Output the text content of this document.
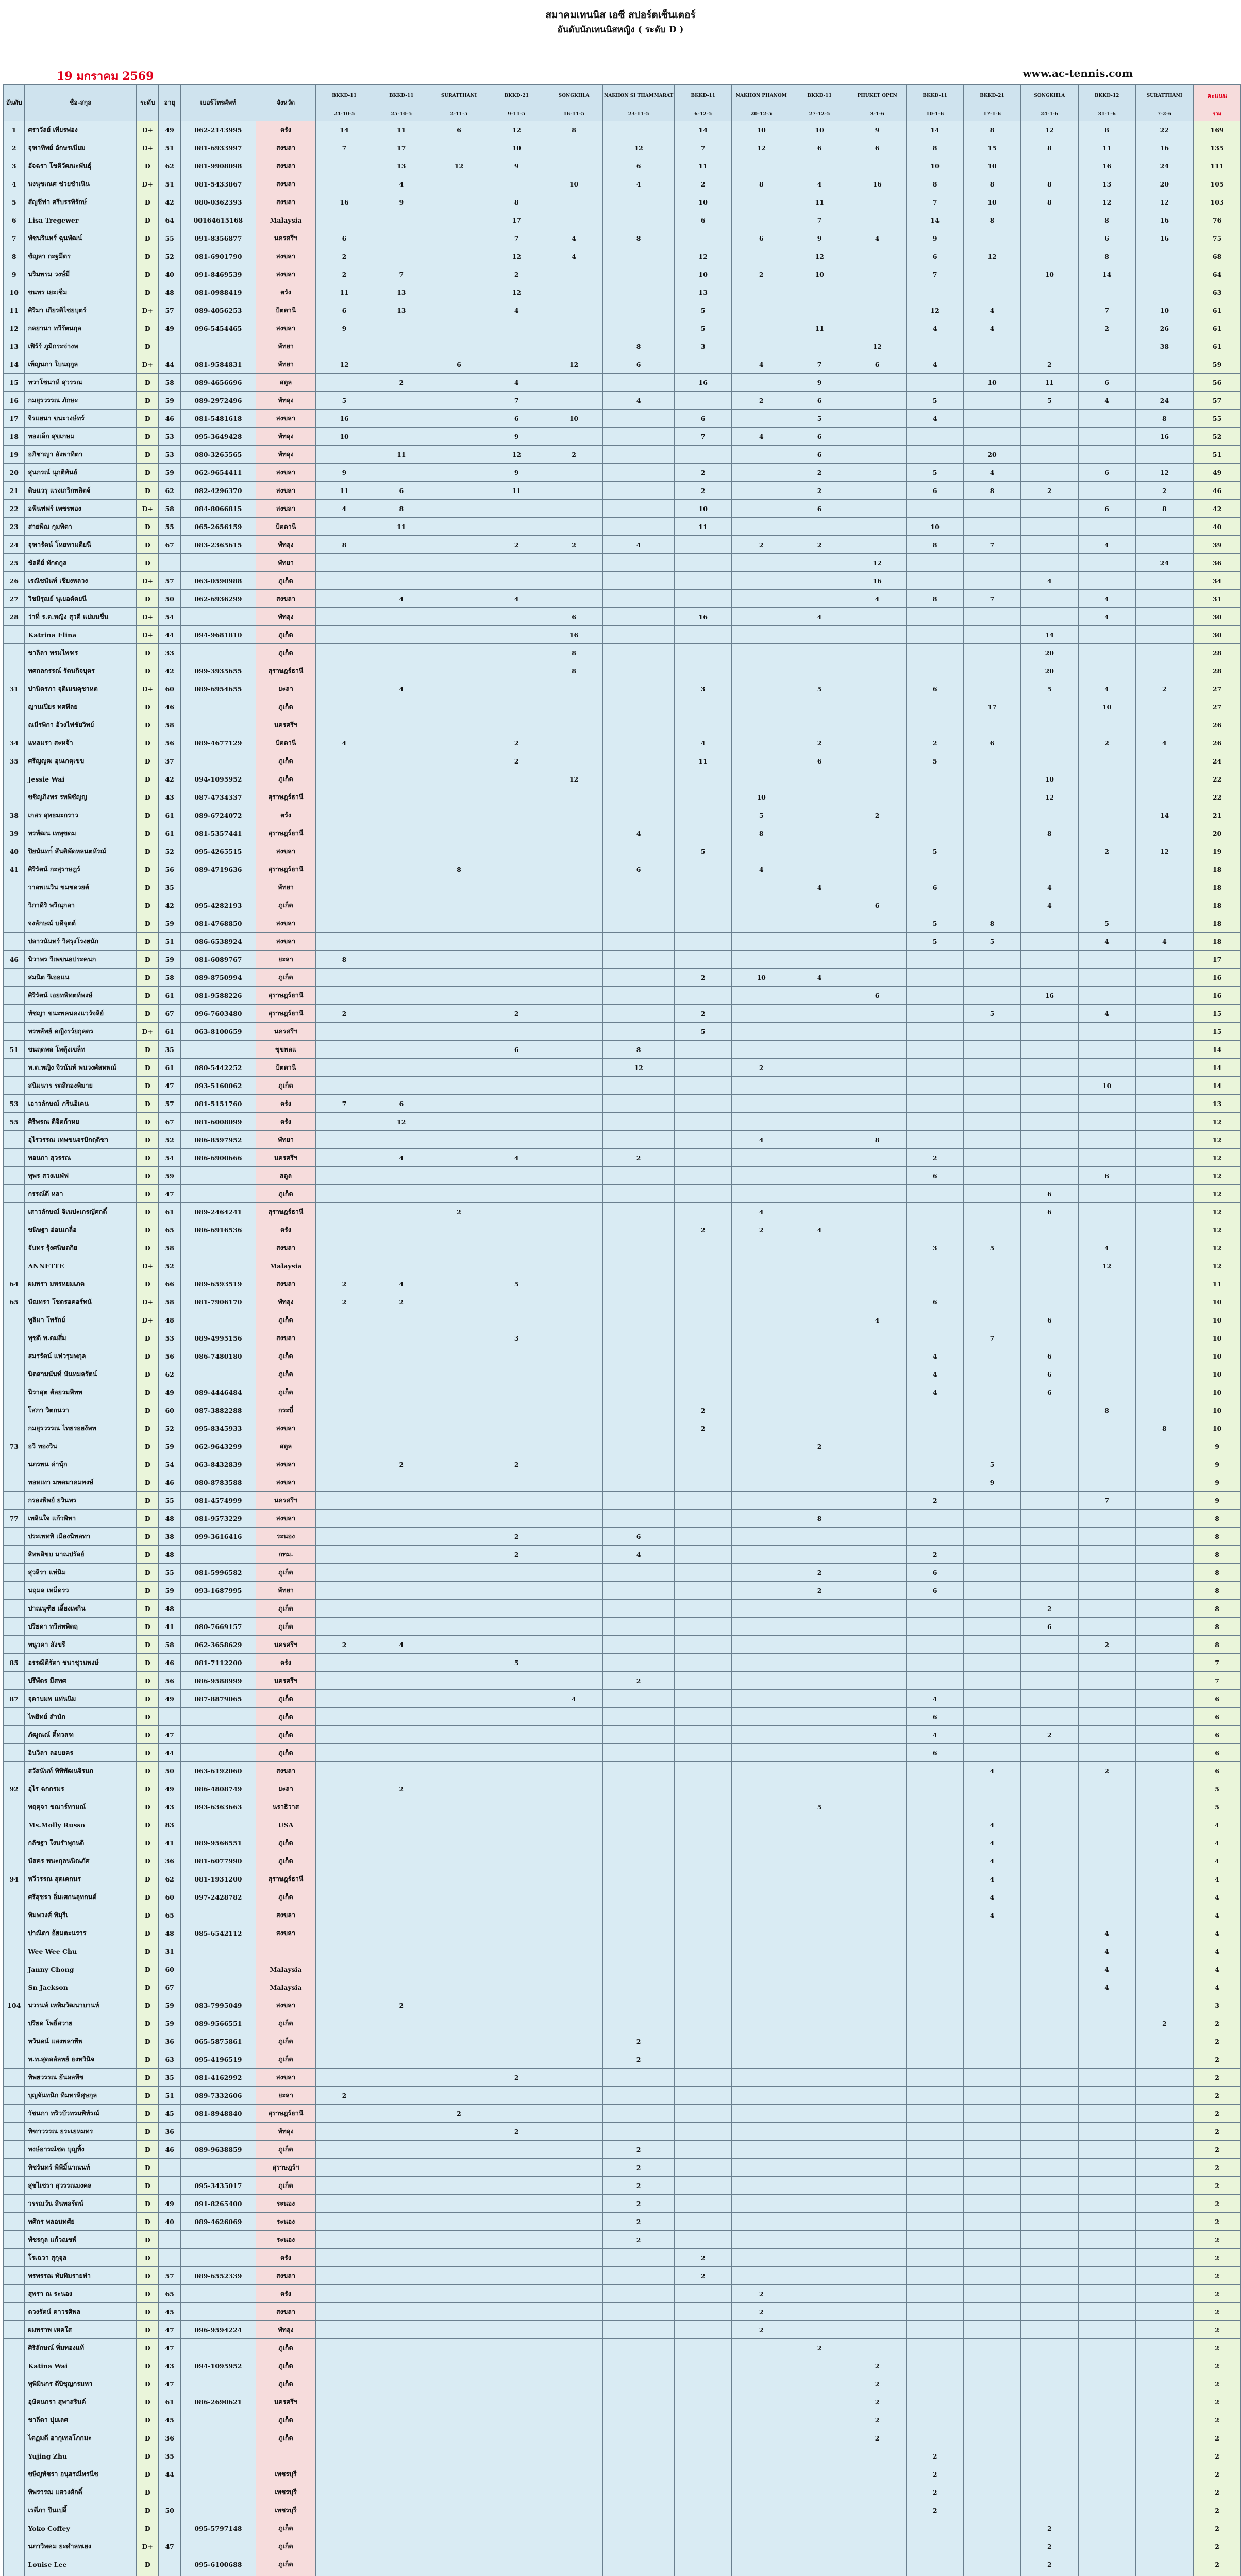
สมาคมเทนนิส เอซี สปอร์ตเซ็นเตอร์
อันดับนักเทนนิสหญิง ( ระดับ D )
19 มกราคม 2569	www.ac-tennis.com
อันดับ	ชื่อ-สกุล	ระดับ	อายุ	เบอร์โทรศัพท์	จังหวัด	BKKD-11	BKKD-11	SURATTHANI	BKKD-21	SONGKHLA	NAKHON SI THAMMARAT	BKKD-11	NAKHON PHANOM	BKKD-11	PHUKET OPEN	BKKD-11	BKKD-21	SONGKHLA	BKKD-12	SURATTHANI	คะแนน
						24-10-5	25-10-5	2-11-5	9-11-5	16-11-5	23-11-5	6-12-5	20-12-5	27-12-5	3-1-6	10-1-6	17-1-6	24-1-6	31-1-6	7-2-6	รวม
1	ศราวัลย์ เพียรพ่อง	D+	49	062-2143995	ตรัง	14	11	6	12	8		14	10	10	9	14	8	12	8	22	169
2	จุฑาทิพย์ อักษรเนียม	D+	51	081-6933997	สงขลา	7	17		10		12	7	12	6	6	8	15	8	11	16	135
3	อัจฉรา โชติวัฒนะพันธุ์	D	62	081-9908098	สงขลา		13	12	9		6	11				10	10		16	24	111
4	นงนุชเณศ ช่วยชำเนิน	D+	51	081-5433867	สงขลา		4			10	4	2	8	4	16	8	8	8	13	20	105
5	สัญชีฟา ศรีบรรพิรักษ์	D	42	080-0362393	สงขลา	16	9		8			10		11		7	10	8	12	12	103
6	Lisa Tregewer	D	64	00164615168	Malaysia				17			6		7		14	8		8	16	76
7	พัชนรินทร์ ฉุนพัฒน์	D	55	091-8356877	นครศรีฯ	6			7	4	8		6	9	4	9			6	16	75
8	ขัญลา กะฐมีตร	D	52	081-6901790	สงขลา	2			12	4		12		12		6	12		8		68
9	นริมพรม วงษ์มี	D	40	091-8469539	สงขลา	2	7		2			10	2	10		7		10	14		64
10	ขนพร เยะเซ็ม	D	48	081-0988419	ตรัง	11	13		12			13									63
11	ศิริมา เกียรติไชยบุตร์	D+	57	089-4056253	ปัตตานี	6	13		4			5				12	4		7	10	61
12	กลยานา ทวีรัตนกุล	D	49	096-5454465	สงขลา	9						5		11		4	4		2	26	61
13	เฟิร์ร์ ภูมิกระจ่างพ	D			พัทยา						8	3			12					38	61
14	เพ็ญนภา ใบนฤกูล	D+	44	081-9584831	พัทยา	12		6		12	6		4	7	6	4		2			59
15	ทวาโชนาห์ สุวรรณ	D	58	089-4656696	สตูล		2		4			16		9			10	11	6		56
16	กมยุรวรรณ ภักษะ	D	59	089-2972496	พัทลุง	5			7		4		2	6		5		5	4	24	57
17	จิรแยนา ขนะวงษ์ทร์	D	46	081-5481618	สงขลา	16			6	10		6		5		4				8	55
18	ทองเล็ก สุขเกษม	D	53	095-3649428	พัทลุง	10			9			7	4	6						16	52
19	อภิชาญา อังพาทิตา	D	53	080-3265565	พัทลุง		11		12	2				6			20				51
20	สุนภรณ์ นุกติพันธ์	D	59	062-9654411	สงขลา	9			9			2		2		5	4		6	12	49
21	ดิษแวรุ แรงเกริกพลิตจ์	D	62	082-4296370	สงขลา	11	6		11			2		2		6	8	2		2	46
22	อฟันฟฟร์ เพชรทอง	D+	58	084-8066815	สงขลา	4	8					10		6					6	8	42
23	สายพิณ กุมพิตา	D	55	065-2656159	ปัตตานี		11					11				10					40
24	จุฑารัตน์ โหยทามติยนี	D	67	083-2365615	พัทลุง	8			2	2	4		2	2		8	7		4		39
25	ชัลตีย์ ทักดกูล	D			พัทยา										12					24	36
26	เรณิชนันท์ เชียงหลวง	D+	57	063-0590988	ภูเก็ต										16			4			34
27	วิชมิรุณย์ นุเยอตัดยนี	D	50	062-6936299	สงขลา		4		4						4	8	7		4		31
28	ว่าที่ ร.ต.หญิง สุวดี แย่มนชื่น	D+	54		พัทลุง					6		16		4					4		30
	Katrina Elina	D+	44	094-9681810	ภูเก็ต					16								14			30
	ชาลิลา พรมไพฑร	D	33		ภูเก็ต					8								20			28
	ทศกลกรรณ์ รัตนกิจบุตร	D	42	099-3935655	สุราษฎร์ธานี					8								20			28
31	ปานิดรภา จุติเมฆคุชาหต	D+	60	089-6954655	ยะลา		4					3		5		6		5	4	2	27
	ญานเปียร ทศพึลย	D	46		ภูเก็ต												17		10		27
	ณมีรพิกา อ้วงไฟชัยวิทย์	D	58		นครศรีฯ																26
34	แหลมรา สะหจ้า	D	56	089-4677129	ปัตตานี	4			2			4		2		2	6		2	4	26
35	ศรีญญฒ อุนเกตุเขข	D	37		ภูเก็ต				2			11		6		5					24
	Jessie Wai	D	42	094-1095952	ภูเก็ต					12								10			22
	ขชิญภิงพร รทพิชัญญ	D	43	087-4734337	สุราษฎร์ธานี								10					12			22
38	เกสร สุทธมะกราว	D	61	089-6724072	ตรัง								5		2					14	21
39	พรพัฒน เทพุขดม	D	61	081-5357441	สุราษฎร์ธานี						4		8					8			20
40	ปิยนันทา์ สันติพัดหลนตหัรณ์	D	52	095-4265515	สงขลา							5				5			2	12	19
41	ศิริรัตน์ กะสุราษฎร์	D	56	089-4719636	สุราษฎร์ธานี			8			6		4								18
	วาลพเนวิน ขมชดวยต์	D	35		พัทยา									4		6		4			18
	วิภาดีริ พวีณุกลา	D	42	095-4282193	ภูเก็ต										6			4			18
	จงลักษณ์ บดีจุตต์	D	59	081-4768850	สงขลา											5	8		5		18
	ปลาวนันทร์ วิศรุงโรงยนัก	D	51	086-6538924	สงขลา											5	5		4	4	18
46	นิวาพร วีเพขนอประคนก	D	59	081-6089767	ยะลา	8															17
	สมนิต วีเออแน	D	58	089-8750994	ภูเก็ต							2	10	4							16
	ศิริรัตน์ เอยทพิทตท์พงษ์	D	61	081-9588226	สุราษฎร์ธานี										6			16			16
	ทัชญา ขนะพคนคงแววัจลิย์	D	67	096-7603480	สุราษฎร์ธานี	2			2			2					5		4		15
	พรหลัพย์ ดญีงรว์ยกุลตร	D+	61	063-8100659	นครศรีฯ							5									15
51	ขนฤดพล โพตุ้งเขล็ท	D	35		ขุขพลแ				6		8										14
	พ.ต.หญิง จิรนันท์ พนวงศ์สหพณ์	D	61	080-5442252	ปัตตานี						12		2								14
	สนิมนาร รตสีกองพิมาย	D	47	093-5160062	ภูเก็ต														10		14
53	เอาวลักษณ์ ภรีนอิเคน	D	57	081-5151760	ตรัง	7	6														13
55	ศิริพรณ ดิจิตก้าหย	D	67	081-6008099	ตรัง		12														12
	อุไรวรรณ เทพขนจรบิกฤดิชา	D	52	086-8597952	พัทยา								4		8						12
	ทอนกา สุวรรณ	D	54	086-6900666	นครศรีฯ		4		4		2					2					12
	ทุพร สวงเนฬฟ	D	59		สตูล											6			6		12
	กรรณ์ดี หลา	D	47		ภูเก็ต													6			12
	เสาวลักษณ์ จิเนปะเกรญัศกดิ์	D	61	089-2464241	สุราษฎร์ธานี			2					4					6			12
	ขนิษฐา อ่อนเกลื่อ	D	65	086-6916536	ตรัง							2	2	4							12
	จันทร รุ้งศนิษตกิย	D	58		สงขลา											3	5		4		12
	ANNETTE	D+	52		Malaysia														12		12
64	ผมพรา มหรหยมเภต	D	66	089-6593519	สงขลา	2	4		5												11
65	นัณทรา โชตรอคอร์ทนั	D+	58	081-7906170	พัทลุง	2	2									6					10
	พูลิมา โพรักย์	D+	48		ภูเก็ต										4			6			10
	พุชดิ พ.ตมสี่ม	D	53	089-4995156	สงขลา				3								7				10
	สมรรัตน์ แท่วรุมพกุล	D	56	086-7480180	ภูเก็ต											4		6			10
	นิตสามนันท์ นันทมลรัตน์	D	62		ภูเก็ต											4		6			10
	นิราสุต ตัลยวมพิทท	D	49	089-4446484	ภูเก็ต											4		6			10
	โสภา วิตกนวา	D	60	087-3882288	กระบี่							2							8		10
	กมยุรวรรณ ไทยรอยงัพท	D	52	095-8345933	สงขลา							2								8	10
73	อวี ทองวิน	D	59	062-9643299	สตูล									2							9
	นภรพน ค่านุ้ก	D	54	063-8432839	สงขลา		2		2								5				9
	ทอหเทา มหดมาคมพงษ์	D	46	080-8783588	สงขลา												9				9
	กรองพิพย์ ยวินพร	D	55	081-4574999	นครศรีฯ											2			7		9
77	เพลินใจ แก้วพิทา	D	48	081-9573229	สงขลา									8							8
	ประเพทพิ เมืองนิพลทา	D	38	099-3616416	ระนอง				2		6										8
	สิทพลิขบ มาณปรัลย์	D	48		กทม.				2		4					2					8
	สุวลีรา แท่นิม	D	55	081-5996582	ภูเก็ต									2		6					8
	นฤมล เหม็ดรว	D	59	093-1687995	พัทยา									2		6					8
	ปาณนุฑิย เลี้ยงเพกิน	D	48		ภูเก็ต													2			8
	ปรียดา ทวีสทพิดฤ	D	41	080-7669157	ภูเก็ต													6			8
	พนูวดา สังขรี	D	58	062-3658629	นครศรีฯ	2	4												2		8
85	อรรฒิติรัตา ชนาชุวนพงษ์	D	46	081-7112200	ตรัง				5												7
	ปรึพัตร มีสทศ	D	56	086-9588999	นครศรีฯ						2										7
87	จุดาบมพ แท่นนิม	D	49	087-8879065	ภูเก็ต					4						4					6
	ไพยิทย์ สำนัก	D			ภูเก็ต											6					6
	ภัฒูณณ์ ตี้ทวสฑ	D	47		ภูเก็ต											4		2			6
	อินวิลา ลอบยคร	D	44		ภูเก็ต											6					6
	สวัสนันท์ พิทิพัฒนจิรนก	D	50	063-6192060	สงขลา												4		2		6
92	อุไร ฉกกรมร	D	49	086-4808749	ยะลา		2														5
	พฤตุจา ขณาร์ทามณ์	D	43	093-6363663	นราธิวาส									5							5
	Ms.Molly Russo	D	83		USA												4				4
	กลัชฐา ใงนรำพุกนดิ	D	41	089-9566551	ภูเก็ต												4				4
	นัสคร พนะกุลนนิณภัศ	D	36	081-6077990	ภูเก็ต												4				4
94	หวีวรรณ สุดเดกนร	D	62	081-1931200	สุราษฎร์ธานี												4				4
	ศรีสุชรา อิ่มเศกนลุทกนต์	D	60	097-2428782	ภูเก็ต												4				4
	พิมพวงศ์ พิมุรีเ	D	65		สงขลา												4				4
	ปาณิตา อ้ยมตะนราร	D	48	085-6542112	สงขลา														4		4
	Wee Wee Chu	D	31																4		4
	Janny Chong	D	60		Malaysia														4		4
	Sn Jackson	D	67		Malaysia														4		4
104	นวรนพ์ เหพิมวัฒนาบานห์	D	59	083-7995049	สงขลา		2														3
	ปรียด โพธิ์สวาย	D	59	089-9566551	ภูเก็ต															2	2
	หวันดน์ แสงพลาพีพ	D	36	065-5875861	ภูเก็ต						2										2
	พ.ท.สุดลลัลหย์ ธงทวินิจ	D	63	095-4196519	ภูเก็ต						2										2
	ทิพยวรรณ ยันผลพืช	D	35	081-4162992	สงขลา				2												2
	บุญจันทนิก ทิมทรลิศุษกุล	D	51	089-7332606	ยะลา	2															2
	วัชนภา ทริวบัวทรมพิทัรณ์	D	45	081-8948840	สุราษฎร์ธานี			2													2
	ทิฑาวรรณ ยระเยหมทร	D	36		พัทลุง				2												2
	พงษ์อารณ์ชด บุญทิ้ง	D	46	089-9638859	ภูเก็ต						2										2
	พิชรันทร์ พิพีมิ์นาณนท์	D			สุราษฎร์ฯ						2										2
	สุชไเชรา สุวรรณมงคล	D		095-3435017	ภูเก็ต						2										2
	วรรณวัน สินพลรัตน์	D	49	091-8265400	ระนอง						2										2
	ทศิกร พลอนทศัย	D	40	089-4626069	ระนอง						2										2
	พัชรกุล แก้วณชพ์	D			ระนอง						2										2
	โรเฉวา สุกุจุล	D			ตรัง							2									2
	พรพรรณ ทับทิมรายทำ	D	57	089-6552339	สงขลา							2									2
	สุพรา ณ ระนอง	D	65		ตรัง								2								2
	ดวงรัตน์ ดาวรศิพล	D	45		สงขลา								2								2
	ผมพราพ เหคใส	D	47	096-9594224	พัทลุง								2								2
	ศิริลักษณ์ พิ่มทองแท้	D	47		ภูเก็ต									2							2
	Katina Wai	D	43	094-1095952	ภูเก็ต										2						2
	พุพิมินกร ตีบิชุญกรมหา	D	47		ภูเก็ต										2						2
	อุษัตนกรา สุพาสรินด์	D	61	086-2690621	นครศรีฯ										2						2
	ชาลีตา ปุยเลศ	D	45		ภูเก็ต										2						2
	ไตฏมดี อากุเทลโภกมะ	D	36		ภูเก็ต										2						2
	Yujing Zhu	D	35													2					2
	ขษีญพัชรา อนุสรณีทรนีช	D	44		เพชรบุรี											2					2
	ทิพรวรณ แสวงศักดิ์	D			เพชรบุรี											2					2
	เรดีภา ปินเปลี้	D	50		เพชรบุรี											2					2
	Yoko Coffey	D		095-5797148	ภูเก็ต													2			2
	นภาวิพคม ยะศำลทเยง	D+	47		ภูเก็ต													2			2
	Louise Lee	D		095-6100688	ภูเก็ต													2			2
